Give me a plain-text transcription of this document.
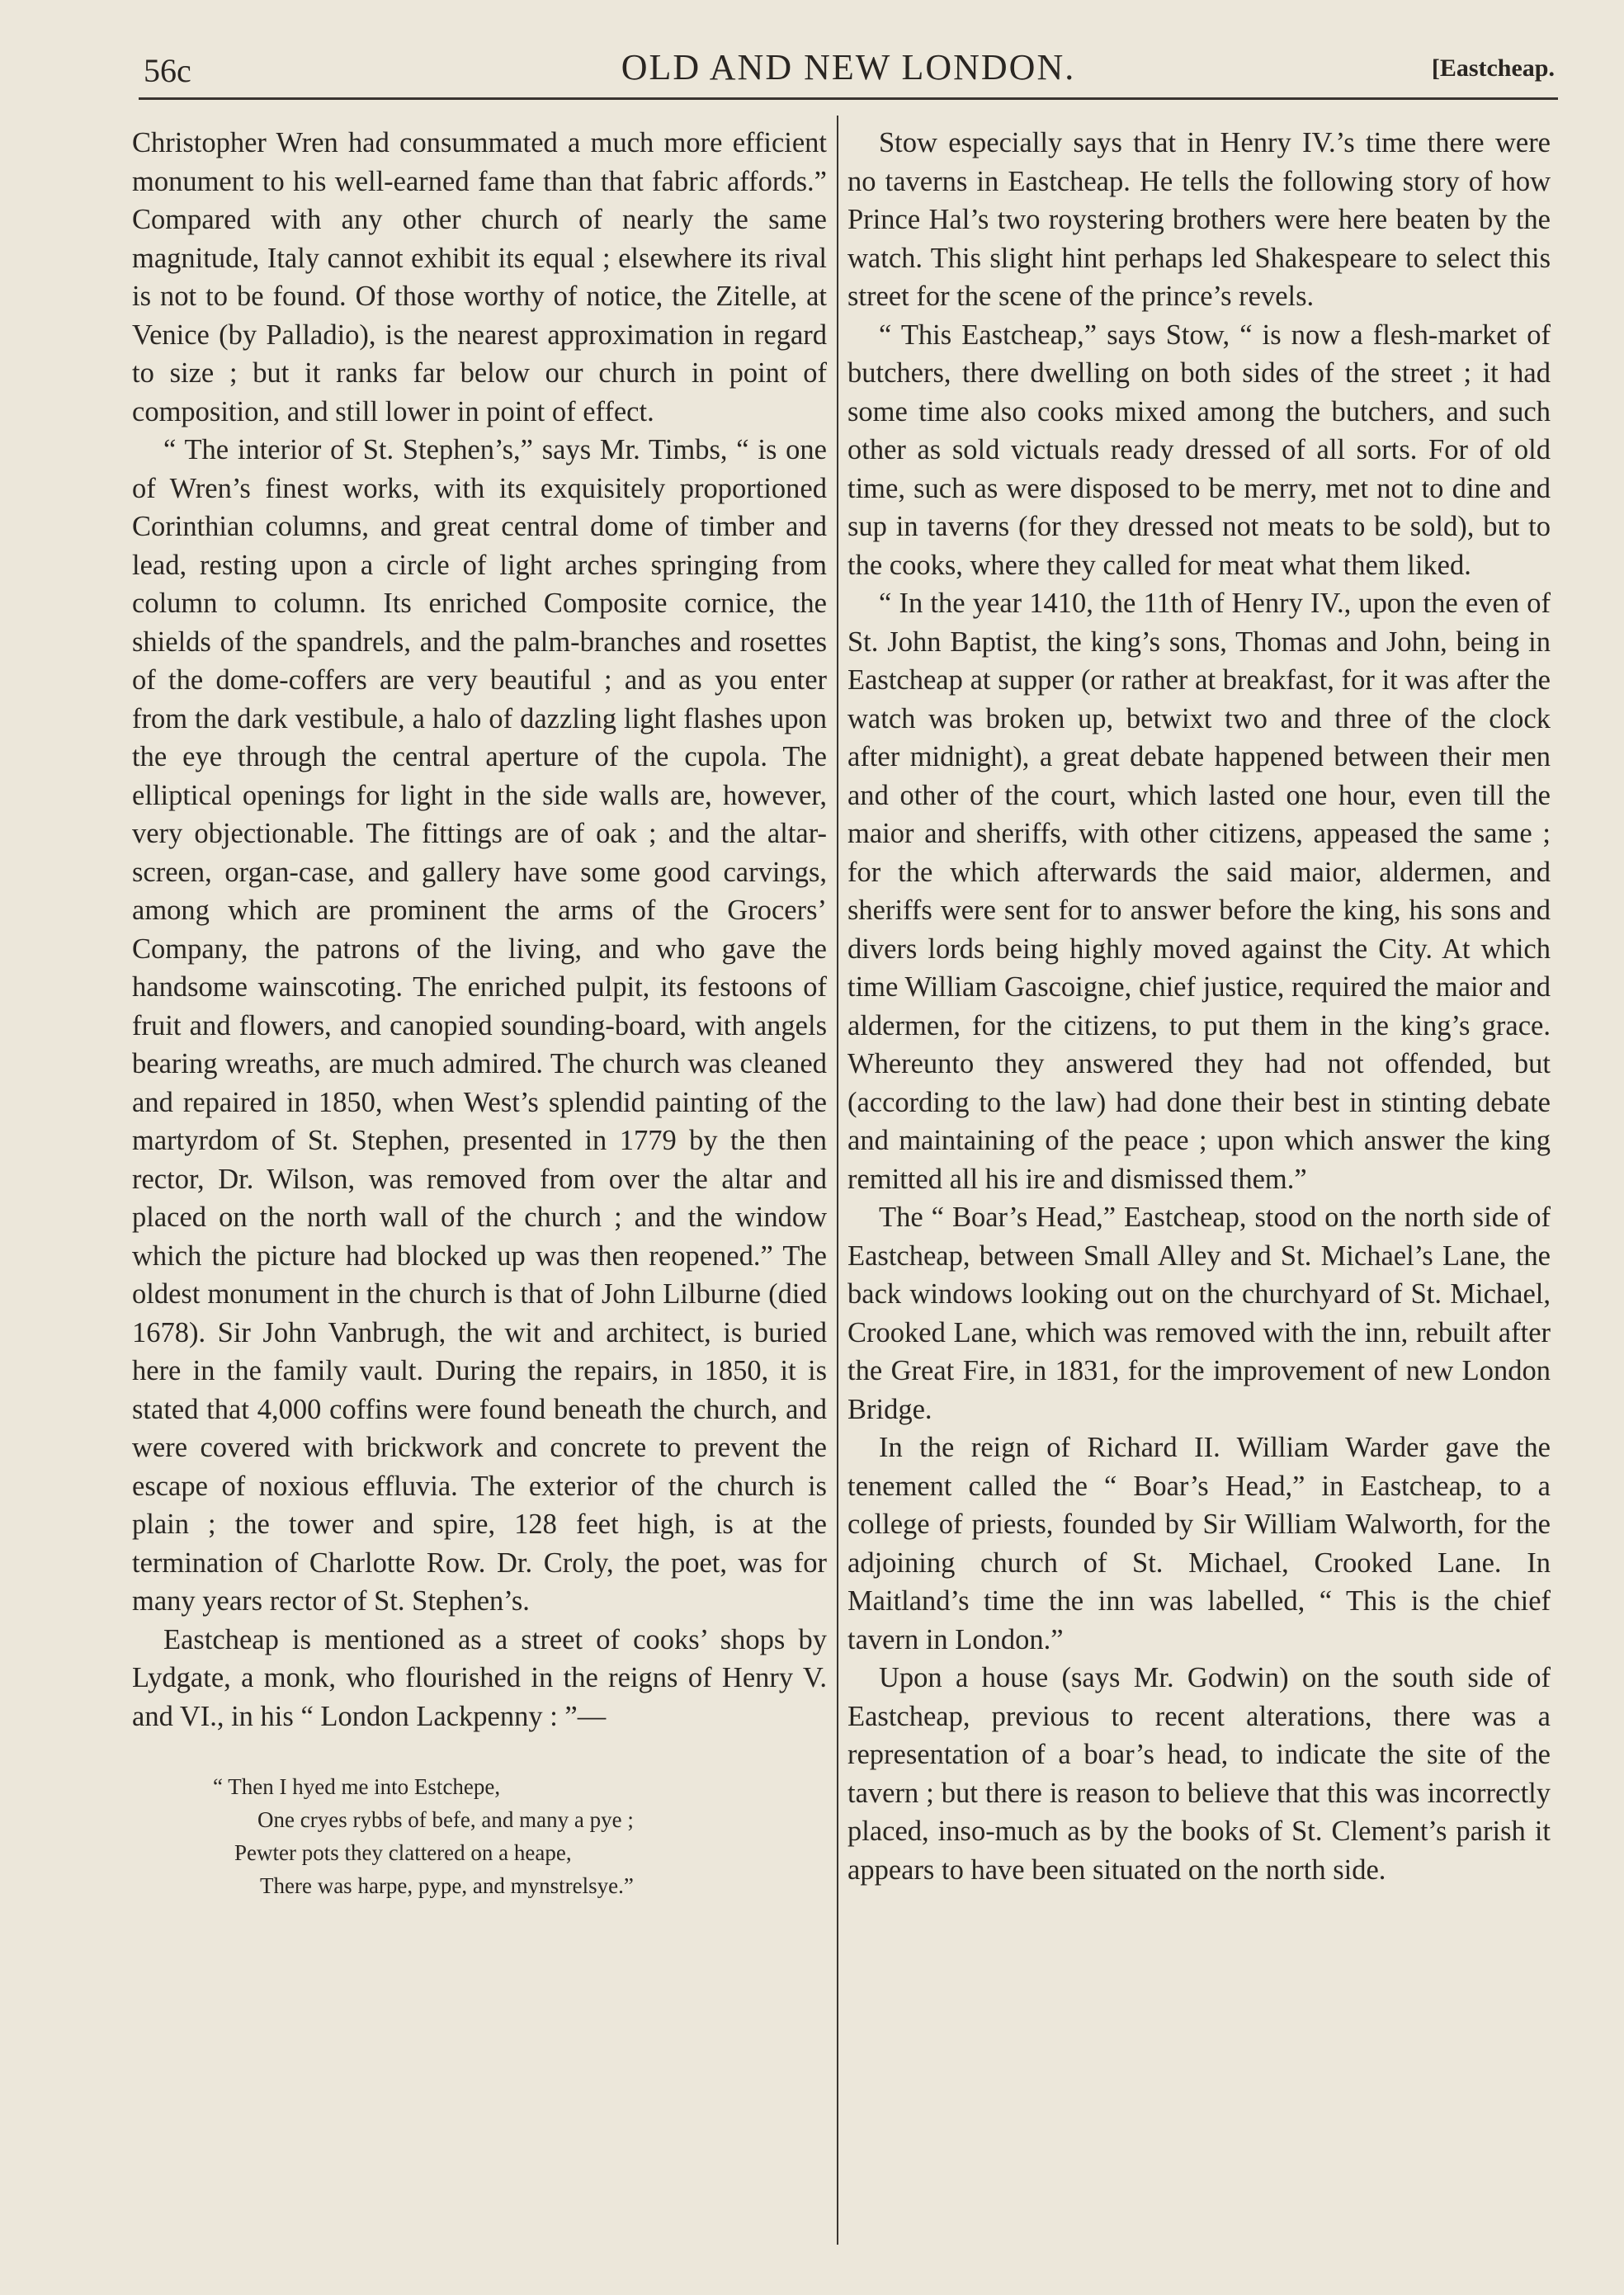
56c	OLD AND NEW LONDON.	[Eastcheap.

Christopher Wren had consummated a much more efficient monument to his well-earned fame than that fabric affords.” Compared with any other church of nearly the same magnitude, Italy cannot exhibit its equal ; elsewhere its rival is not to be found. Of those worthy of notice, the Zitelle, at Venice (by Palladio), is the nearest approximation in regard to size ; but it ranks far below our church in point of composition, and still lower in point of effect.

“ The interior of St. Stephen’s,” says Mr. Timbs, “ is one of Wren’s finest works, with its exquisitely proportioned Corinthian columns, and great central dome of timber and lead, resting upon a circle of light arches springing from column to column. Its enriched Composite cornice, the shields of the spandrels, and the palm-branches and rosettes of the dome-coffers are very beautiful ; and as you enter from the dark vestibule, a halo of dazzling light flashes upon the eye through the central aperture of the cupola. The elliptical openings for light in the side walls are, however, very objectionable. The fittings are of oak ; and the altar-screen, organ-case, and gallery have some good carvings, among which are prominent the arms of the Grocers’ Company, the patrons of the living, and who gave the handsome wainscoting. The enriched pulpit, its festoons of fruit and flowers, and canopied sounding-board, with angels bearing wreaths, are much admired. The church was cleaned and repaired in 1850, when West’s splendid painting of the martyrdom of St. Stephen, presented in 1779 by the then rector, Dr. Wilson, was removed from over the altar and placed on the north wall of the church ; and the window which the picture had blocked up was then reopened.” The oldest monument in the church is that of John Lilburne (died 1678). Sir John Vanbrugh, the wit and architect, is buried here in the family vault. During the repairs, in 1850, it is stated that 4,000 coffins were found beneath the church, and were covered with brickwork and concrete to prevent the escape of noxious effluvia. The exterior of the church is plain ; the tower and spire, 128 feet high, is at the termination of Charlotte Row. Dr. Croly, the poet, was for many years rector of St. Stephen’s.

Eastcheap is mentioned as a street of cooks’ shops by Lydgate, a monk, who flourished in the reigns of Henry V. and VI., in his “ London Lackpenny : ”—

“ Then I hyed me into Estchepe,
One cryes rybbs of befe, and many a pye ;
Pewter pots they clattered on a heape,
There was harpe, pype, and mynstrelsye.”

Stow especially says that in Henry IV.’s time there were no taverns in Eastcheap. He tells the following story of how Prince Hal’s two roystering brothers were here beaten by the watch. This slight hint perhaps led Shakespeare to select this street for the scene of the prince’s revels.

“ This Eastcheap,” says Stow, “ is now a flesh-market of butchers, there dwelling on both sides of the street ; it had some time also cooks mixed among the butchers, and such other as sold victuals ready dressed of all sorts. For of old time, such as were disposed to be merry, met not to dine and sup in taverns (for they dressed not meats to be sold), but to the cooks, where they called for meat what them liked.

“ In the year 1410, the 11th of Henry IV., upon the even of St. John Baptist, the king’s sons, Thomas and John, being in Eastcheap at supper (or rather at breakfast, for it was after the watch was broken up, betwixt two and three of the clock after midnight), a great debate happened between their men and other of the court, which lasted one hour, even till the maior and sheriffs, with other citizens, appeased the same ; for the which afterwards the said maior, aldermen, and sheriffs were sent for to answer before the king, his sons and divers lords being highly moved against the City. At which time William Gascoigne, chief justice, required the maior and aldermen, for the citizens, to put them in the king’s grace. Whereunto they answered they had not offended, but (according to the law) had done their best in stinting debate and maintaining of the peace ; upon which answer the king remitted all his ire and dismissed them.”

The “ Boar’s Head,” Eastcheap, stood on the north side of Eastcheap, between Small Alley and St. Michael’s Lane, the back windows looking out on the churchyard of St. Michael, Crooked Lane, which was removed with the inn, rebuilt after the Great Fire, in 1831, for the improvement of new London Bridge.

In the reign of Richard II. William Warder gave the tenement called the “ Boar’s Head,” in Eastcheap, to a college of priests, founded by Sir William Walworth, for the adjoining church of St. Michael, Crooked Lane. In Maitland’s time the inn was labelled, “ This is the chief tavern in London.”

Upon a house (says Mr. Godwin) on the south side of Eastcheap, previous to recent alterations, there was a representation of a boar’s head, to indicate the site of the tavern ; but there is reason to believe that this was incorrectly placed, inso-much as by the books of St. Clement’s parish it appears to have been situated on the north side.
